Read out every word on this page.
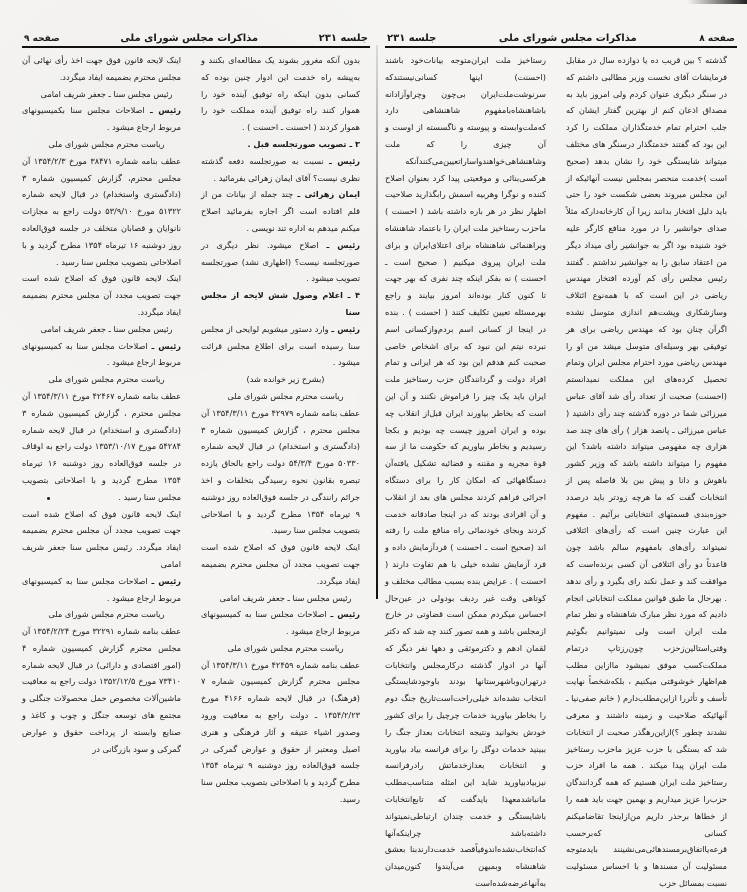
جلسه ۲۳۱
مذاکرات مجلس شورای ملی
صفحه ۹

بدون آنکه مغرور بشوند یک مطالعه‌ای بکنند و به‌پیشه راه خدمت این ادوار چنین بوده که کسانی بدون اینکه راه توفیق آینده خود را هموار کنند راه توفیق آینده مملکت خود را هموار کردند ( احسنت ـ احسنت ) .

۳ ـ تصویب صورتجلسه قبل .

رئیس ـ نسبت به صورتجلسه دفعه گذشته نظری نیست؟ آقای ایمان زهرائی بفرمائید .

ایمان زهرائی ـ چند جمله از بیانات من از قلم افتاده است اگر اجازه بفرمائید اصلاح میکنم میدهم به اداره تند نویسی .

رئیس ـ اصلاح میشود. نظر دیگری در صورتجلسه نیست؟ (اظهاری نشد) صورتجلسه تصویب میشود .

۴ ـ اعلام وصول شش لایحه از مجلس سنا

رئیس ـ وارد دستور میشویم لوایحی از مجلس سنا رسیده است برای اطلاع مجلس قرائت میشود .

(بشرح زیر خوانده شد)

ریاست محترم مجلس شورای ملی

عطف بنامه شماره ۴۲۹۷۹ مورخ ۱۳۵۴/۳/۱۱ آن مجلس محترم ، گزارش کمیسیون شماره ۳ (دادگستری و استخدام) در قبال لایحه شماره ۵۰۳۳۰ مورخ ۵۴/۳/۴ دولت راجع بالحاق یازده تبصره بقانون نحوه رسیدگی بتخلفات و اخذ جرائم رانندگی در جلسه فوق‌العاده روز دوشنبه ۹ تیرماه ۱۳۵۴ مطرح گردید و با اصلاحاتی بتصویب مجلس سنا رسید.

اینک لایحه قانون فوق که اصلاح شده است جهت تصویب مجدد آن مجلس محترم بضمیمه ایفاد میگردد.

رئیس مجلس سنا ـ جعفر شریف امامی

رئیس ـ اصلاحات مجلس سنا به کمیسیونهای مربوط ارجاع میشود .

ریاست محترم مجلس شورای ملی

عطف بنامه شماره ۴۲۴۵۹ مورخ ۱۳۵۴/۳/۱۱ آن مجلس محترم گزارش کمیسیون شماره ۷ (فرهنگ) در قبال لایحه شماره ۴۱۶۶ مورخ ۱۳۵۴/۲/۲۳ ـ دولت راجع به معافیت ورود وصدور اشیاء عتیقه و آثار فرهنگی و هنری اصیل ومعتبر از حقوق و عوارض گمرکی در جلسه فوق‌العاده روز دوشنبه ۹ تیرماه ۱۳۵۴ مطرح گردید و با اصلاحاتی بتصویب مجلس سنا رسید.

اینک لایحه قانون فوق جهت اخذ رأی نهائی آن مجلس محترم بضمیمه ایفاد میگردد.

رئیس مجلس سنا ـ جعفر شریف امامی

رئیس ـ اصلاحات مجلس سنا بکمیسیونهای مربوط ارجاع میشود .

ریاست محترم مجلس شورای ملی

عطف بنامه شماره ۳۸۴۷۱ مورخ ۱۳۵۴/۲/۳ آن مجلس محترم، گزارش کمیسیون شماره ۳ (دادگستری واستخدام) در قبال لایحه شماره ۵۱۳۲۲ مورخ ۵۳/۹/۱۰ دولت راجع به مجازات نانوایان و قصابان متخلف در جلسه فوق‌العاده روز دوشنبه ۱۶ تیرماه ۱۳۵۴ مطرح گردید و با اصلاحاتی بتصویب مجلس سنا رسید .

اینک لایحه قانون فوق که اصلاح شده است جهت تصویب مجدد آن مجلس محترم بضمیمه ایفاد میگردد.

رئیس مجلس سنا ـ جعفر شریف امامی

رئیس ـ اصلاحات مجلس سنا به کمیسیونهای مربوط ارجاع میشود .

ریاست محترم مجلس شورای ملی

عطف بنامه شماره ۴۲۴۶۷ مورخ ۱۳۵۴/۳/۱۱ آن مجلس محترم ، گزارش کمیسیون شماره ۳ (دادگستری و استخدام) در قبال لایحه شماره ۵۴۲۸۴ مورخ ۱۳۵۳/۱۰/۱۷ دولت راجع به اوقاف در جلسه فوق‌العاده روز دوشنبه ۱۶ تیرماه ۱۳۵۴ مطرح گردید و با اصلاحاتی بتصویب مجلس سنا رسید .

اینک لایحه قانون فوق که اصلاح شده است جهت تصویب مجدد آن مجلس محترم بضمیمه ایفاد میگردد. رئیس مجلس سنا جعفر شریف امامی

رئیس ـ اصلاحات مجلس سنا به کمیسیونهای مربوط ارجاع میشود .

ریاست محترم مجلس شورای ملی

عطف بنامه شماره ۳۲۲۹۱ مورخ ۱۳۵۴/۲/۲۴ آن مجلس محترم گزارش کمیسیون شماره ۴ (امور اقتصادی و دارائی) در قبال لایحه شماره ۷۳۴۱۰ مورخ ۱۳۵۲/۱۲/۵ دولت راجع به معافیت ماشین‌آلات مخصوص حمل محصولات جنگلی و مجتمع های توسعه جنگل و چوب و کاغذ و صنایع وابسته از پرداخت حقوق و عوارض گمرکی و سود بازرگانی در

صفحه ۸
مذاکرات مجلس شورای ملی
جلسه ۲۳۱

گذشته ؟ بین قریب ده یا دوازده سال در مقابل فرمایشات آقای نخست وزیر مطالبی داشتم که در سنگر دیگری عنوان کردم ولی امروز باید به مصداق اذعان کنم از بهترین گفتار ایشان که جلب احترام تمام خدمتگذاران مملکت را کرد این بود که گفتند خدمتگذار درسنگر های مختلف میتواند شایستگی خود را نشان بدهد (صحیح است )خدمت منحصر بمجلس نیست آنهائیکه از این مجلس میروند بعضی شکست خود را حتی باید دلیل افتخار بدانند زیرا آن کارخانه‌دارکه مثلاً صدای جوانشیر را در مورد منافع کارگر علیه خود شنیده بود اگر به جوانشیر رأی میداد دیگر من اعتقاد سابق را به جوانشیر نداشتم . گفتند رئیس مجلس رأی کم آورده افتخار مهندس ریاضی در این است که با همه‌نوع ائتلاف وسازشکاری وپشت‌هم اندازی متوسل نشده اگرآن چنان بود که مهندس ریاضی برای هر توفیقی بهر وسیله‌ای متوسل میشد من او را مهندس ریاضی مورد احترام مجلس ایران وتمام تحصیل کرده‌های این مملکت نمیدانستم (احسنت) صحبت از تعداد رأی شد آقای عباس میرزائی شما در دوره گذشته چند رأی داشتید ( عباس میرزائی ـ پانصد هزار ) رأی های چند صد هزاری چه مفهومی میتواند داشته باشد؟ این مفهوم را میتواند داشته باشد که وزیر کشور باهوش و دانا و پیش بین بلا فاصله پس از انتخابات گفت که ما هرچه زودتر باید درصدد حوزه‌بندی قسمتهای انتخاباتی برآئیم . مفهوم این عبارت چنین است که رأی‌های ائتلافی نمیتواند رأی‌های بامفهوم سالم باشد چون قاعدتاً دو رأی ائتلافی آن کسی برنده‌است که موافقت کند و عمل نکند رای بگیرد و رأی ندهد . بهرحال ما طبق قوانین مملکت انتخاباتی انجام دادیم که مورد نظر مبارک شاهنشاه و نظر تمام ملت ایران است ولی نمیتوانیم بگوئیم وقتی‌استالین‌زحزب چون‌رزتاپ درتمام مملکت‌کسب موفق نمیشود ماازاین مطلب هم‌اظهار خوشوقتی میکنیم ، بلکه‌شخصاً نهایت تأسف و تأثررا ازاین‌مطلب‌دارم ( خانم صفی‌نیا ـ آنهائیکه صلاحیت و زمینه داشتند و معرفی نشدند چطور ؟)ازاین‌رهگذر صحبت از انتخابات شد که بستگی با حزب عزیز ماحزب رستاخیز ملت ایران پیدا میکند . همه ما افراد حزب رستاخیز ملت ایران هستیم که همه گردانندگان حزب‌را عزیز میداریم و بهمین جهت باید همه را از خطاها برحذر داریم من‌ازاینجا تقاضامیکنم کسانی که‌برحسب قرعه‌یااتفاق‌برمسندهائی‌می‌نشینند بایدمتوجه مسئولیت آن مسندها و با احساس مسئولیت نسبت بمسائل حزب

رستاخیز ملت ایران‌متوجه بیانات‌خود باشند (احسنت) اینها کسانی‌نیستندکه سرنوشت‌ملت‌ایران بی‌چون وچراو‌آزادانه باشاهنشاه‌بامفهوم شاهنشاهی دارد که‌ملت‌وابسته و پیوسته و ناگسسته از اوست و آن چیزی را که ملت وشاهنشاهی‌خواهندواساراتعیین‌می‌کنندآنکه هرکسی‌بنائی و موقعیتی پیدا کرد بعنوان اصلاح کننده و نوگرا وهربیه اسمش رابگذارید صلاحیت اظهار نظر در هر باره داشته باشد ( احسنت ) ماحزب رستاخیز ملت ایران را باعتماد شاهنشاه وبراهنمائی شاهنشاه برای اعتلای‌ایران و برای ملت ایران پیروی میکنیم ( صحیح است ـ احسنت ) نه بفکر اینکه چند نفری که بهر جهت تا کنون کنار بوده‌اند امروز بیایند و راجع بهرمسئله تعیین تکلیف کنند ( احسنت ) . بنده در اینجا از کسانی اسم بردم‌وازکسانی اسم نبرده نیتم این نبود که برای اشخاص خاصی صحبت کنم هدفم این بود که هر ایرانی و تمام افراد دولت و گردانندگان حزب رستاخیز ملت ایران باید یک چیز را فراموش نکنند و آن این است که بخاطر بیاورند ایران قبل‌از انقلاب چه بوده و ایران امروز چیست چه بودیم و بکجا رسیدیم و بخاطر بیاوریم که حکومت ما از سه قوة مجریه و مقننه و قضائیه تشکیل یافته‌آن دستگاههائی که امکان کار را برای دستگاه اجرائی فراهم کردند مجلس های بعد از انقلاب و آن افرادی بودند که در اینجا صادقانه خدمت کردند وبجای خودنمائی راه منافع ملت را رفته اند (صحیح است ـ احسنت ) فردآزمایش داده و فرد آزمایش نشده خیلی با هم تفاوت دارند ( احسنت ) . عرایض بنده بسبب مطالب مختلف و کوتاهی وقت غیر ردیف بودولی در عین‌حال احساس میکردم ممکن است قضاوتی در خارج ازمجلس باشد و همه تصور کنند چه شد که دکتر لقمان ادهم و دکترموثقی و دهها نفر دیگر که آنها در ادوار گذشته درکارمجلس وانتخابات درتهران‌وباشهرستانها بودند باوجودشایستگی انتخاب نشده‌اند خیلی‌راحت‌است‌تاریخ جنگ دوم را بخاطر بیاورید خدمات چرچیل را برای کشور خودش بخوانید ونتیجه انتخابات بعداز جنگ را ببینید خدمات دوگل را برای فرانسه بیاد بیاورید و انتخابات بعدازخدماتش رادرفرانسه نیزبیادبیاورید شاید این امثله متناسب‌مطلب مانباشدمعهذا بایدگفت که تابع‌انتخابات باشایستگی و خدمت چندان ارتباطی‌نمیتواند داشته‌باشد چرا‌ینکه‌آنها که‌انتخاب‌نشده‌اندوفیاًقصد خدمت‌دارندبنا‌ بعشق شاهنشاه وبمیهن می‌آیندوا کنون‌میدان به‌آنهاعرضه‌شده‌است
